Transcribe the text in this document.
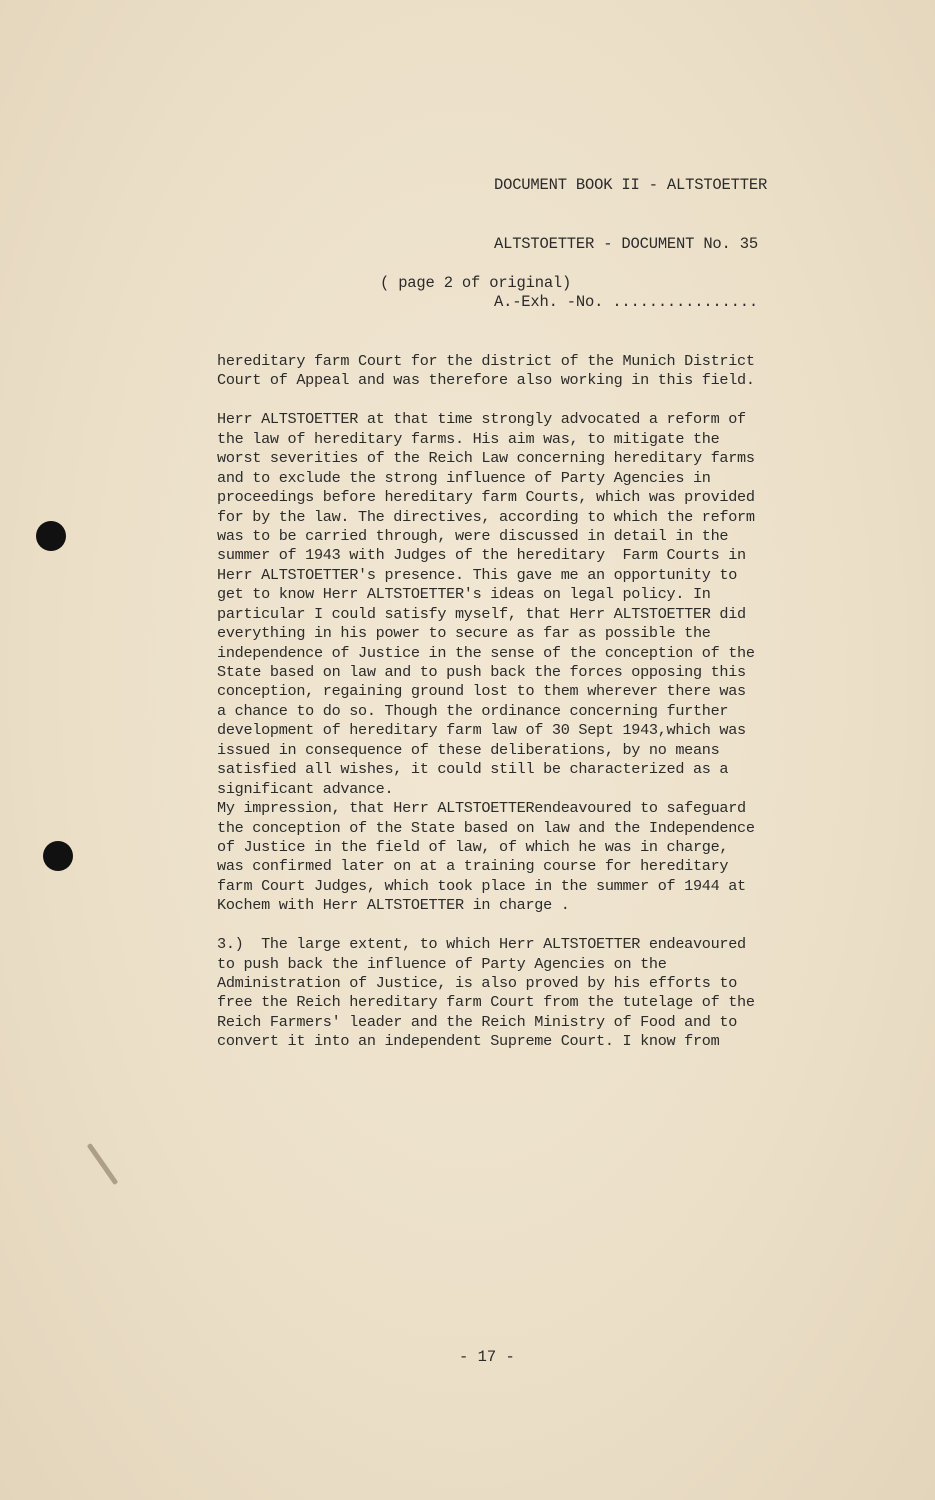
DOCUMENT BOOK II - ALTSTOETTER

ALTSTOETTER - DOCUMENT No. 35

A.-Exh. -No. ................

( page 2 of original)
hereditary farm Court for the district of the Munich District
Court of Appeal and was therefore also working in this field.
Herr ALTSTOETTER at that time strongly advocated a reform of
the law of hereditary farms. His aim was, to mitigate the
worst severities of the Reich Law concerning hereditary farms
and to exclude the strong influence of Party Agencies in
proceedings before hereditary farm Courts, which was provided
for by the law. The directives, according to which the reform
was to be carried through, were discussed in detail in the
summer of 1943 with Judges of the hereditary  Farm Courts in
Herr ALTSTOETTER's presence. This gave me an opportunity to
get to know Herr ALTSTOETTER's ideas on legal policy. In
particular I could satisfy myself, that Herr ALTSTOETTER did
everything in his power to secure as far as possible the
independence of Justice in the sense of the conception of the
State based on law and to push back the forces opposing this
conception, regaining ground lost to them wherever there was
a chance to do so. Though the ordinance concerning further
development of hereditary farm law of 30 Sept 1943,which was
issued in consequence of these deliberations, by no means
satisfied all wishes, it could still be characterized as a
significant advance.
My impression, that Herr ALTSTOETTERendeavoured to safeguard
the conception of the State based on law and the Independence
of Justice in the field of law, of which he was in charge,
was confirmed later on at a training course for hereditary
farm Court Judges, which took place in the summer of 1944 at
Kochem with Herr ALTSTOETTER in charge .
3.)  The large extent, to which Herr ALTSTOETTER endeavoured
to push back the influence of Party Agencies on the
Administration of Justice, is also proved by his efforts to
free the Reich hereditary farm Court from the tutelage of the
Reich Farmers' leader and the Reich Ministry of Food and to
convert it into an independent Supreme Court. I know from
- 17 -
